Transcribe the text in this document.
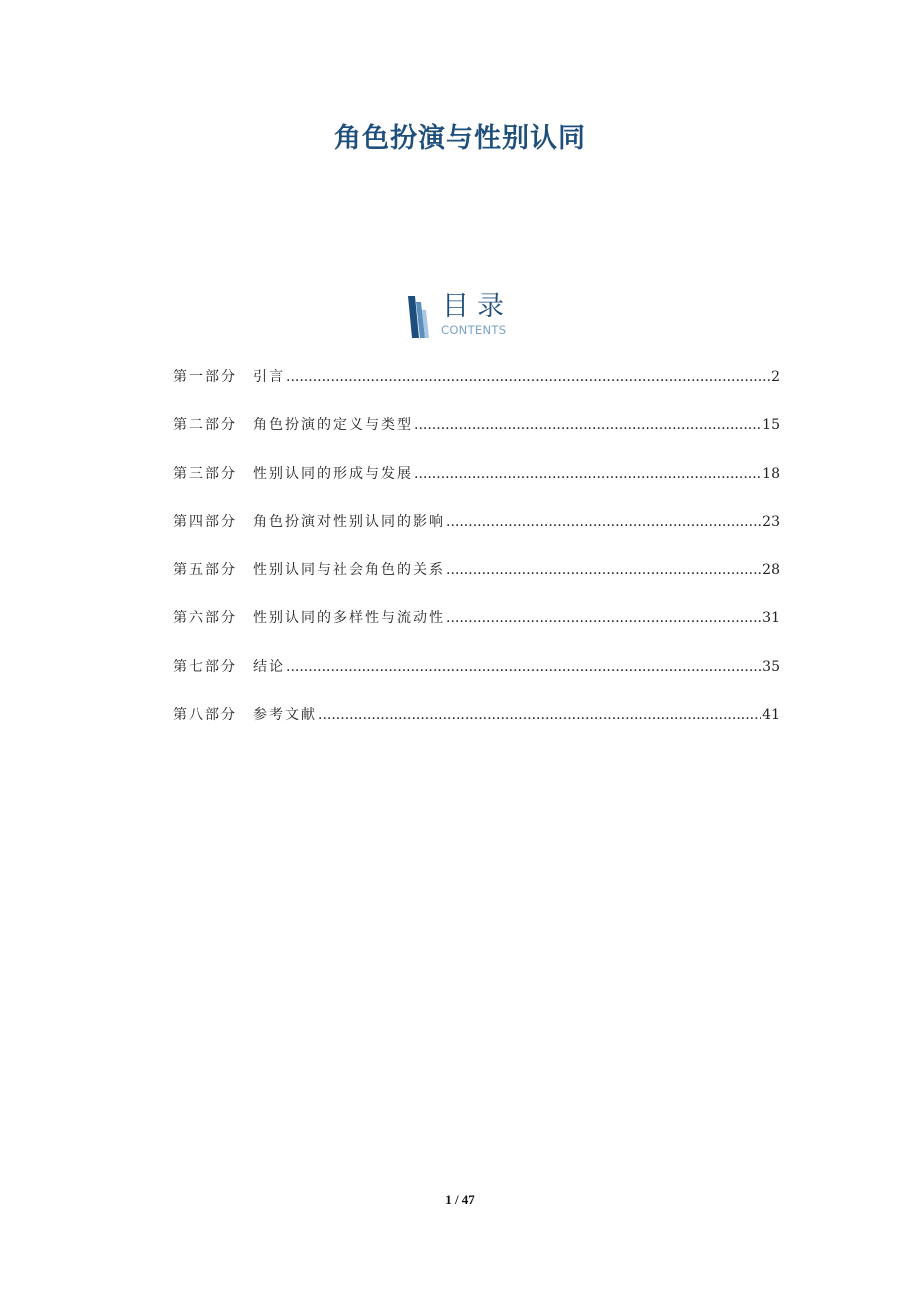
角色扮演与性别认同
目录
CONTENTS
第一部分	引言 .....	2
第二部分	角色扮演的定义与类型 .....	15
第三部分	性别认同的形成与发展 .....	18
第四部分	角色扮演对性别认同的影响 .....	23
第五部分	性别认同与社会角色的关系 .....	28
第六部分	性别认同的多样性与流动性 .....	31
第七部分	结论 .....	35
第八部分	参考文献 .....	41
1 / 47
